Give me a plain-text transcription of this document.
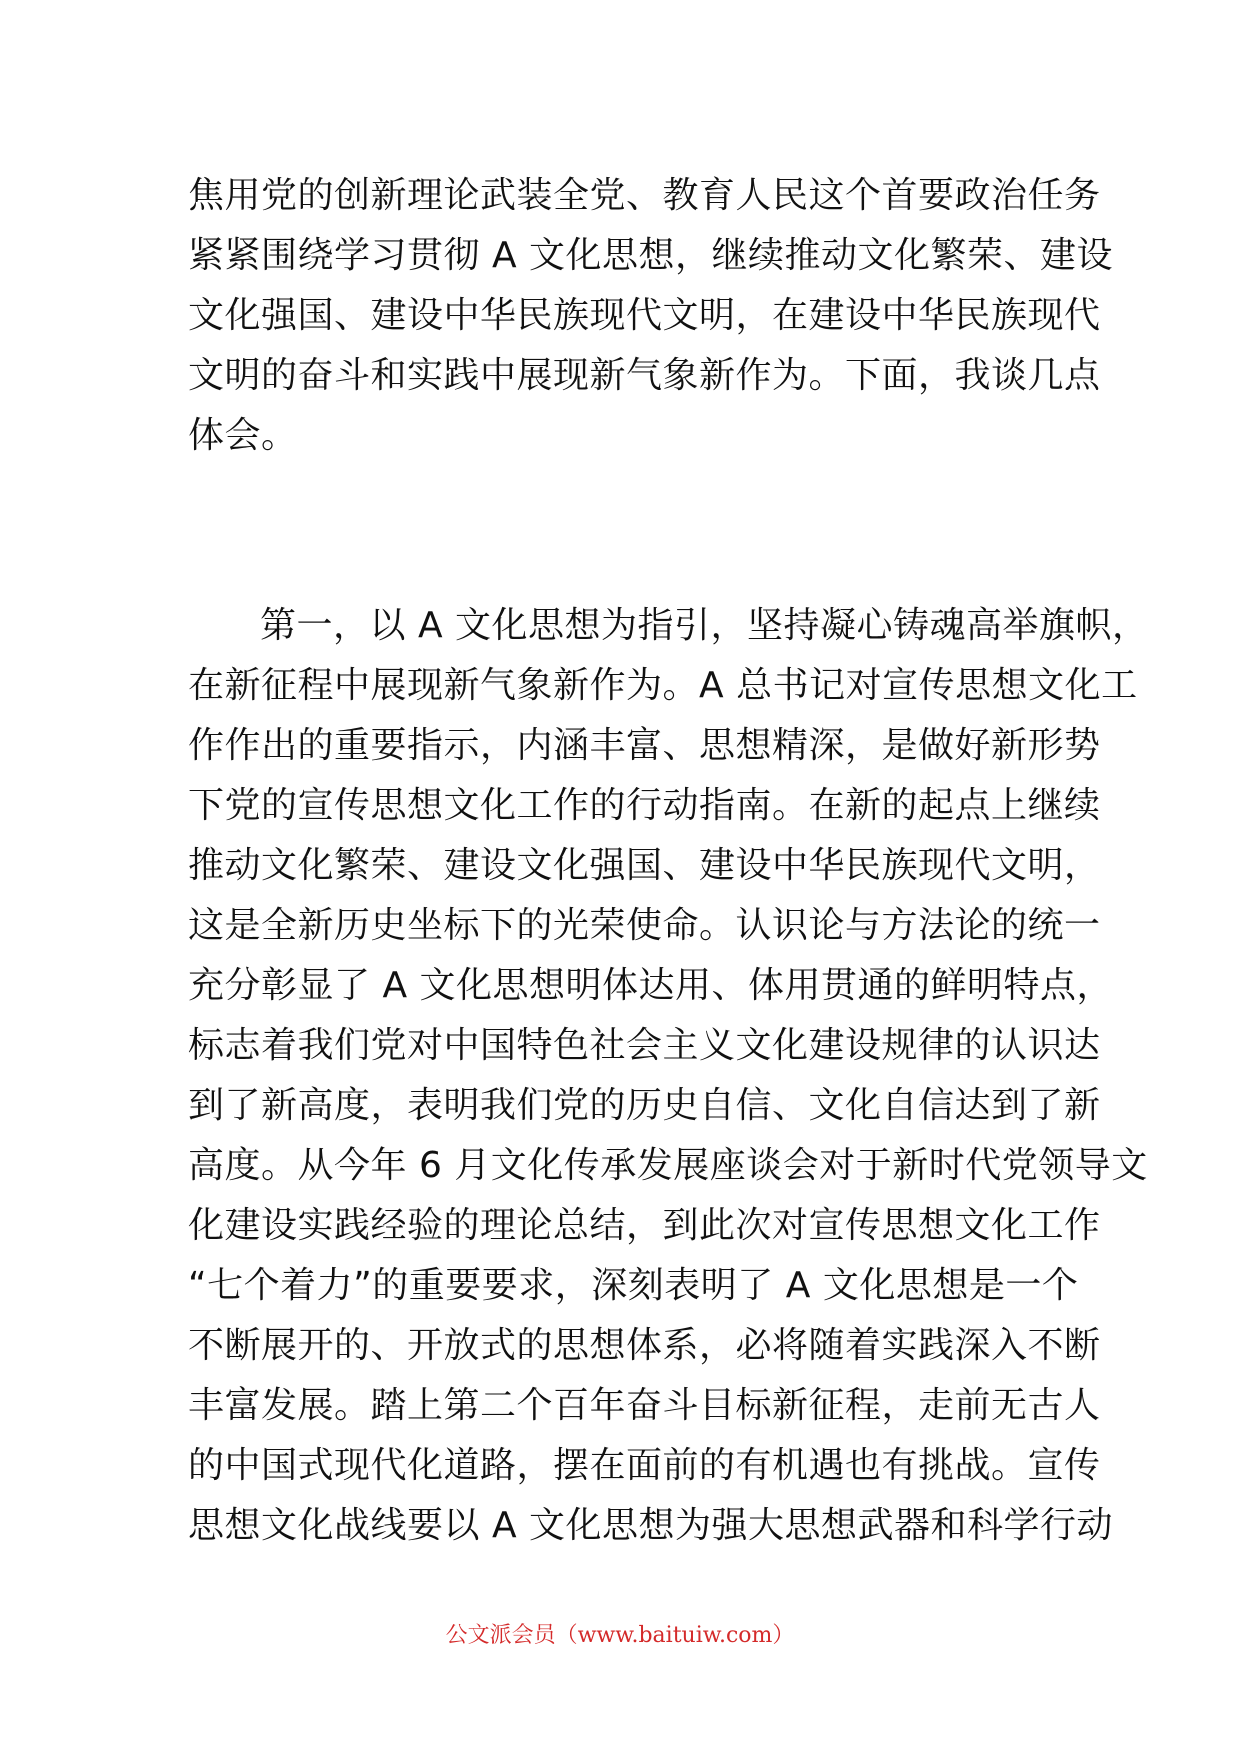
焦用党的创新理论武装全党、教育人民这个首要政治任务
紧紧围绕学习贯彻 A 文化思想，继续推动文化繁荣、建设
文化强国、建设中华民族现代文明，在建设中华民族现代
文明的奋斗和实践中展现新气象新作为。下面，我谈几点
体会。
第一，以 A 文化思想为指引，坚持凝心铸魂高举旗帜，
在新征程中展现新气象新作为。A 总书记对宣传思想文化工
作作出的重要指示，内涵丰富、思想精深，是做好新形势
下党的宣传思想文化工作的行动指南。在新的起点上继续
推动文化繁荣、建设文化强国、建设中华民族现代文明，
这是全新历史坐标下的光荣使命。认识论与方法论的统一
充分彰显了 A 文化思想明体达用、体用贯通的鲜明特点，
标志着我们党对中国特色社会主义文化建设规律的认识达
到了新高度，表明我们党的历史自信、文化自信达到了新
高度。从今年 6 月文化传承发展座谈会对于新时代党领导文
化建设实践经验的理论总结，到此次对宣传思想文化工作
“七个着力”的重要要求，深刻表明了 A 文化思想是一个
不断展开的、开放式的思想体系，必将随着实践深入不断
丰富发展。踏上第二个百年奋斗目标新征程，走前无古人
的中国式现代化道路，摆在面前的有机遇也有挑战。宣传
思想文化战线要以 A 文化思想为强大思想武器和科学行动
公文派会员（www.baituiw.com）
